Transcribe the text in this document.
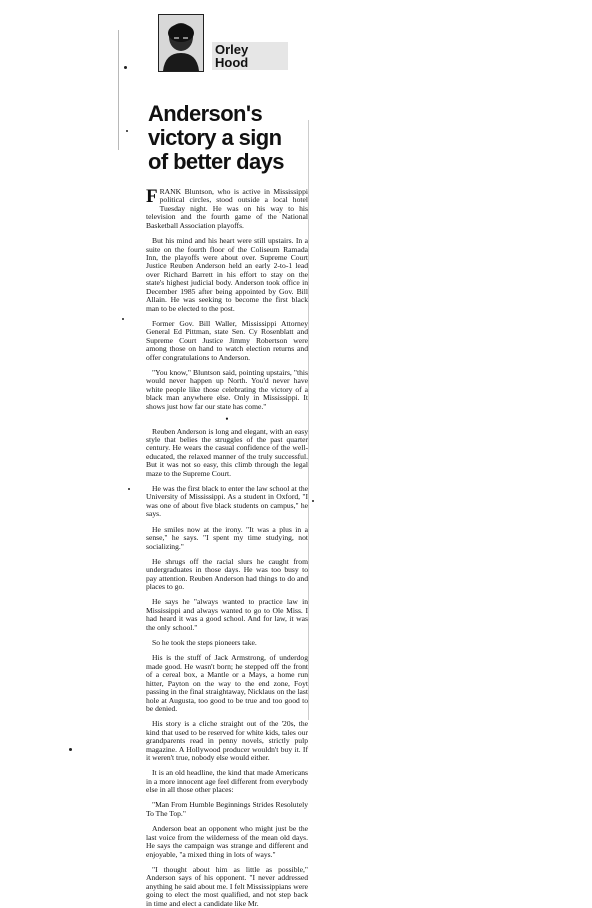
Orley
Hood
Anderson's
victory a sign
of better days

FRANK Bluntson, who is active in Mississippi political circles, stood outside a local hotel Tuesday night. He was on his way to his television and the fourth game of the National Basketball Association playoffs.

But his mind and his heart were still upstairs. In a suite on the fourth floor of the Coliseum Ramada Inn, the playoffs were about over. Supreme Court Justice Reuben Anderson held an early 2-to-1 lead over Richard Barrett in his effort to stay on the state's highest judicial body. Anderson took office in December 1985 after being appointed by Gov. Bill Allain. He was seeking to become the first black man to be elected to the post.

Former Gov. Bill Waller, Mississippi Attorney General Ed Pittman, state Sen. Cy Rosenblatt and Supreme Court Justice Jimmy Robertson were among those on hand to watch election returns and offer congratulations to Anderson.

"You know," Bluntson said, pointing upstairs, "this would never happen up North. You'd never have white people like those celebrating the victory of a black man anywhere else. Only in Mississippi. It shows just how far our state has come."

•

Reuben Anderson is long and elegant, with an easy style that belies the struggles of the past quarter century. He wears the casual confidence of the well-educated, the relaxed manner of the truly successful. But it was not so easy, this climb through the legal maze to the Supreme Court.

He was the first black to enter the law school at the University of Mississippi. As a student in Oxford, "I was one of about five black students on campus," he says.

He smiles now at the irony. "It was a plus in a sense," he says. "I spent my time studying, not socializing."

He shrugs off the racial slurs he caught from undergraduates in those days. He was too busy to pay attention. Reuben Anderson had things to do and places to go.

He says he "always wanted to practice law in Mississippi and always wanted to go to Ole Miss. I had heard it was a good school. And for law, it was the only school."

So he took the steps pioneers take.

His is the stuff of Jack Armstrong, of underdog made good. He wasn't born; he stepped off the front of a cereal box, a Mantle or a Mays, a home run hitter, Payton on the way to the end zone, Foyt passing in the final straightaway, Nicklaus on the last hole at Augusta, too good to be true and too good to be denied.

His story is a cliche straight out of the '20s, the kind that used to be reserved for white kids, tales our grandparents read in penny novels, strictly pulp magazine. A Hollywood producer wouldn't buy it. If it weren't true, nobody else would either.

It is an old headline, the kind that made Americans in a more innocent age feel different from everybody else in all those other places:

"Man From Humble Beginnings Strides Resolutely To The Top."

Anderson beat an opponent who might just be the last voice from the wilderness of the mean old days. He says the campaign was strange and different and enjoyable, "a mixed thing in lots of ways."

"I thought about him as little as possible," Anderson says of his opponent. "I never addressed anything he said about me. I felt Mississippians were going to elect the most qualified, and not step back in time and elect a candidate like Mr.
